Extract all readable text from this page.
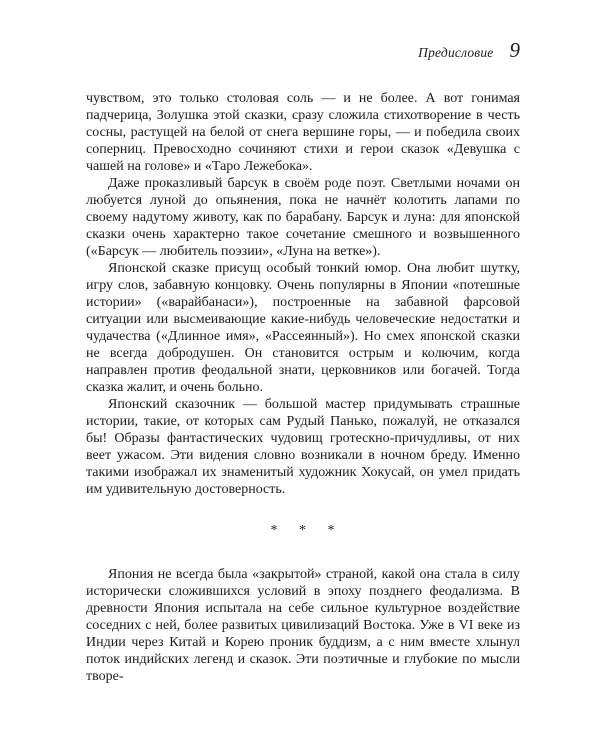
Предисловие 9

чувством, это только столовая соль — и не более. А вот гонимая падчерица, Золушка этой сказки, сразу сложила стихотворение в честь сосны, растущей на белой от снега вершине горы, — и победила своих соперниц. Превосходно сочиняют стихи и герои сказок «Девушка с чашей на голове» и «Таро Лежебока».

Даже проказливый барсук в своём роде поэт. Светлыми ночами он любуется луной до опьянения, пока не начнёт колотить лапами по своему надутому животу, как по барабану. Барсук и луна: для японской сказки очень характерно такое сочетание смешного и возвышенного («Барсук — любитель поэзии», «Луна на ветке»).

Японской сказке присущ особый тонкий юмор. Она любит шутку, игру слов, забавную концовку. Очень популярны в Японии «потешные истории» («варайбанаси»), построенные на забавной фарсовой ситуации или высмеивающие какие-нибудь человеческие недостатки и чудачества («Длинное имя», «Рассеянный»). Но смех японской сказки не всегда добродушен. Он становится острым и колючим, когда направлен против феодальной знати, церковников или богачей. Тогда сказка жалит, и очень больно.

Японский сказочник — большой мастер придумывать страшные истории, такие, от которых сам Рудый Панько, пожалуй, не отказался бы! Образы фантастических чудовищ гротескно-причудливы, от них веет ужасом. Эти видения словно возникали в ночном бреду. Именно такими изображал их знаменитый художник Хокусай, он умел придать им удивительную достоверность.

* * *

Япония не всегда была «закрытой» страной, какой она стала в силу исторически сложившихся условий в эпоху позднего феодализма. В древности Япония испытала на себе сильное культурное воздействие соседних с ней, более развитых цивилизаций Востока. Уже в VI веке из Индии через Китай и Корею проник буддизм, а с ним вместе хлынул поток индийских легенд и сказок. Эти поэтичные и глубокие по мысли творе-
